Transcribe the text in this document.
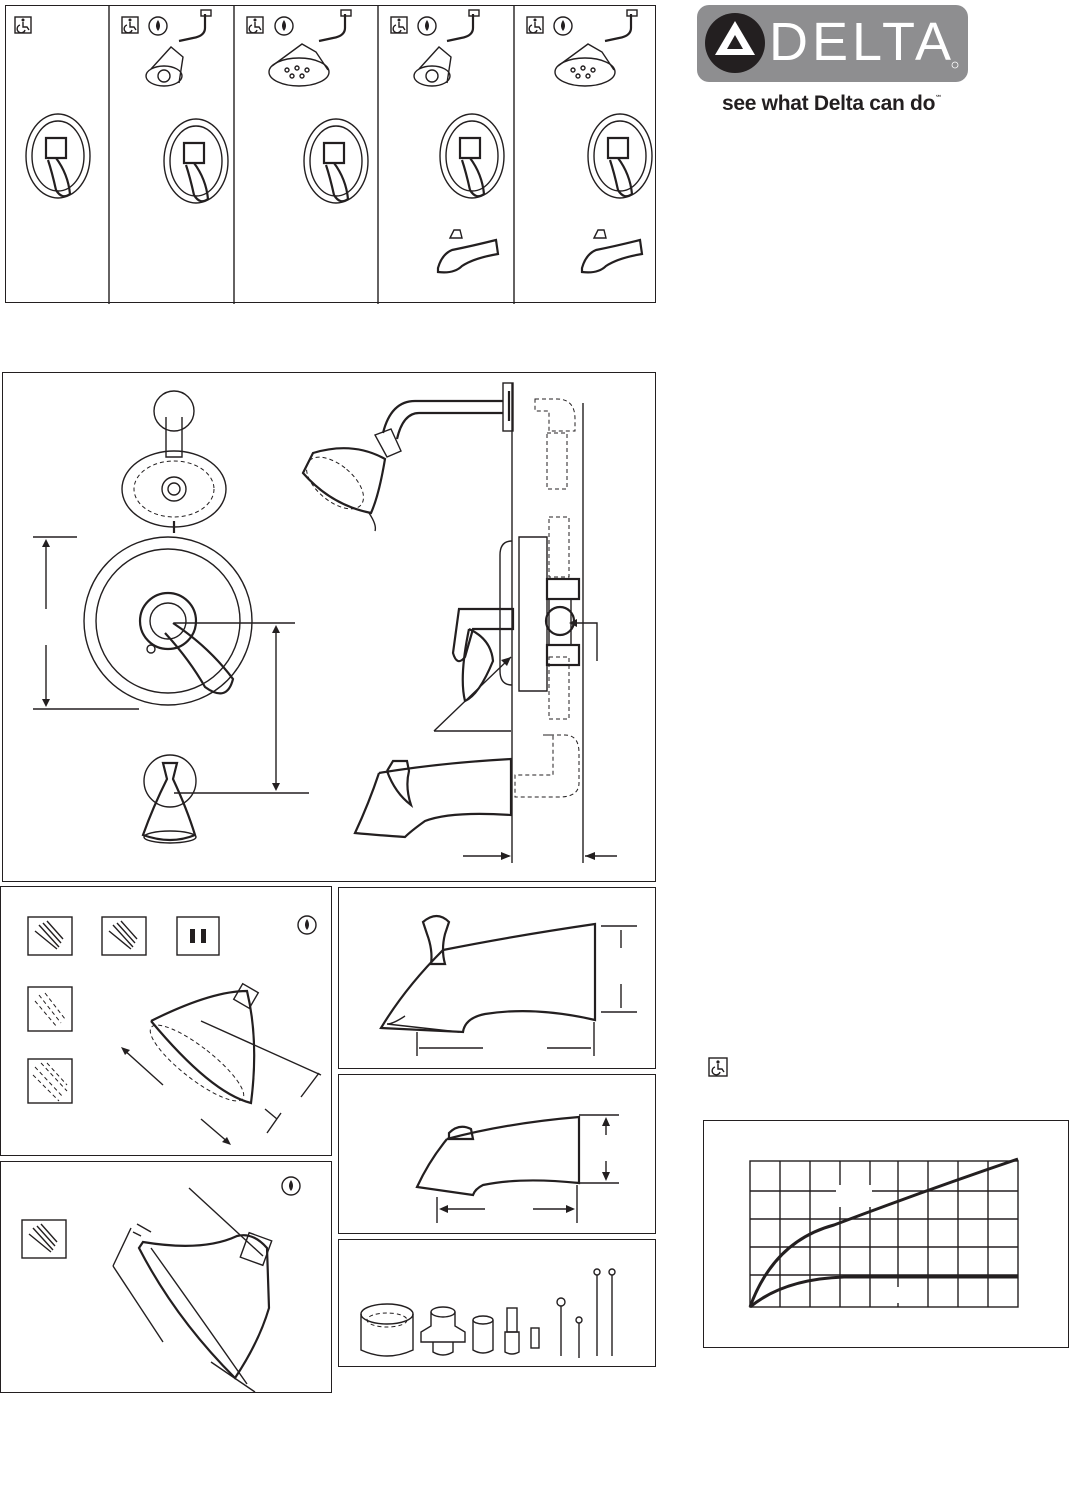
DELTA
see what Delta can do℠
